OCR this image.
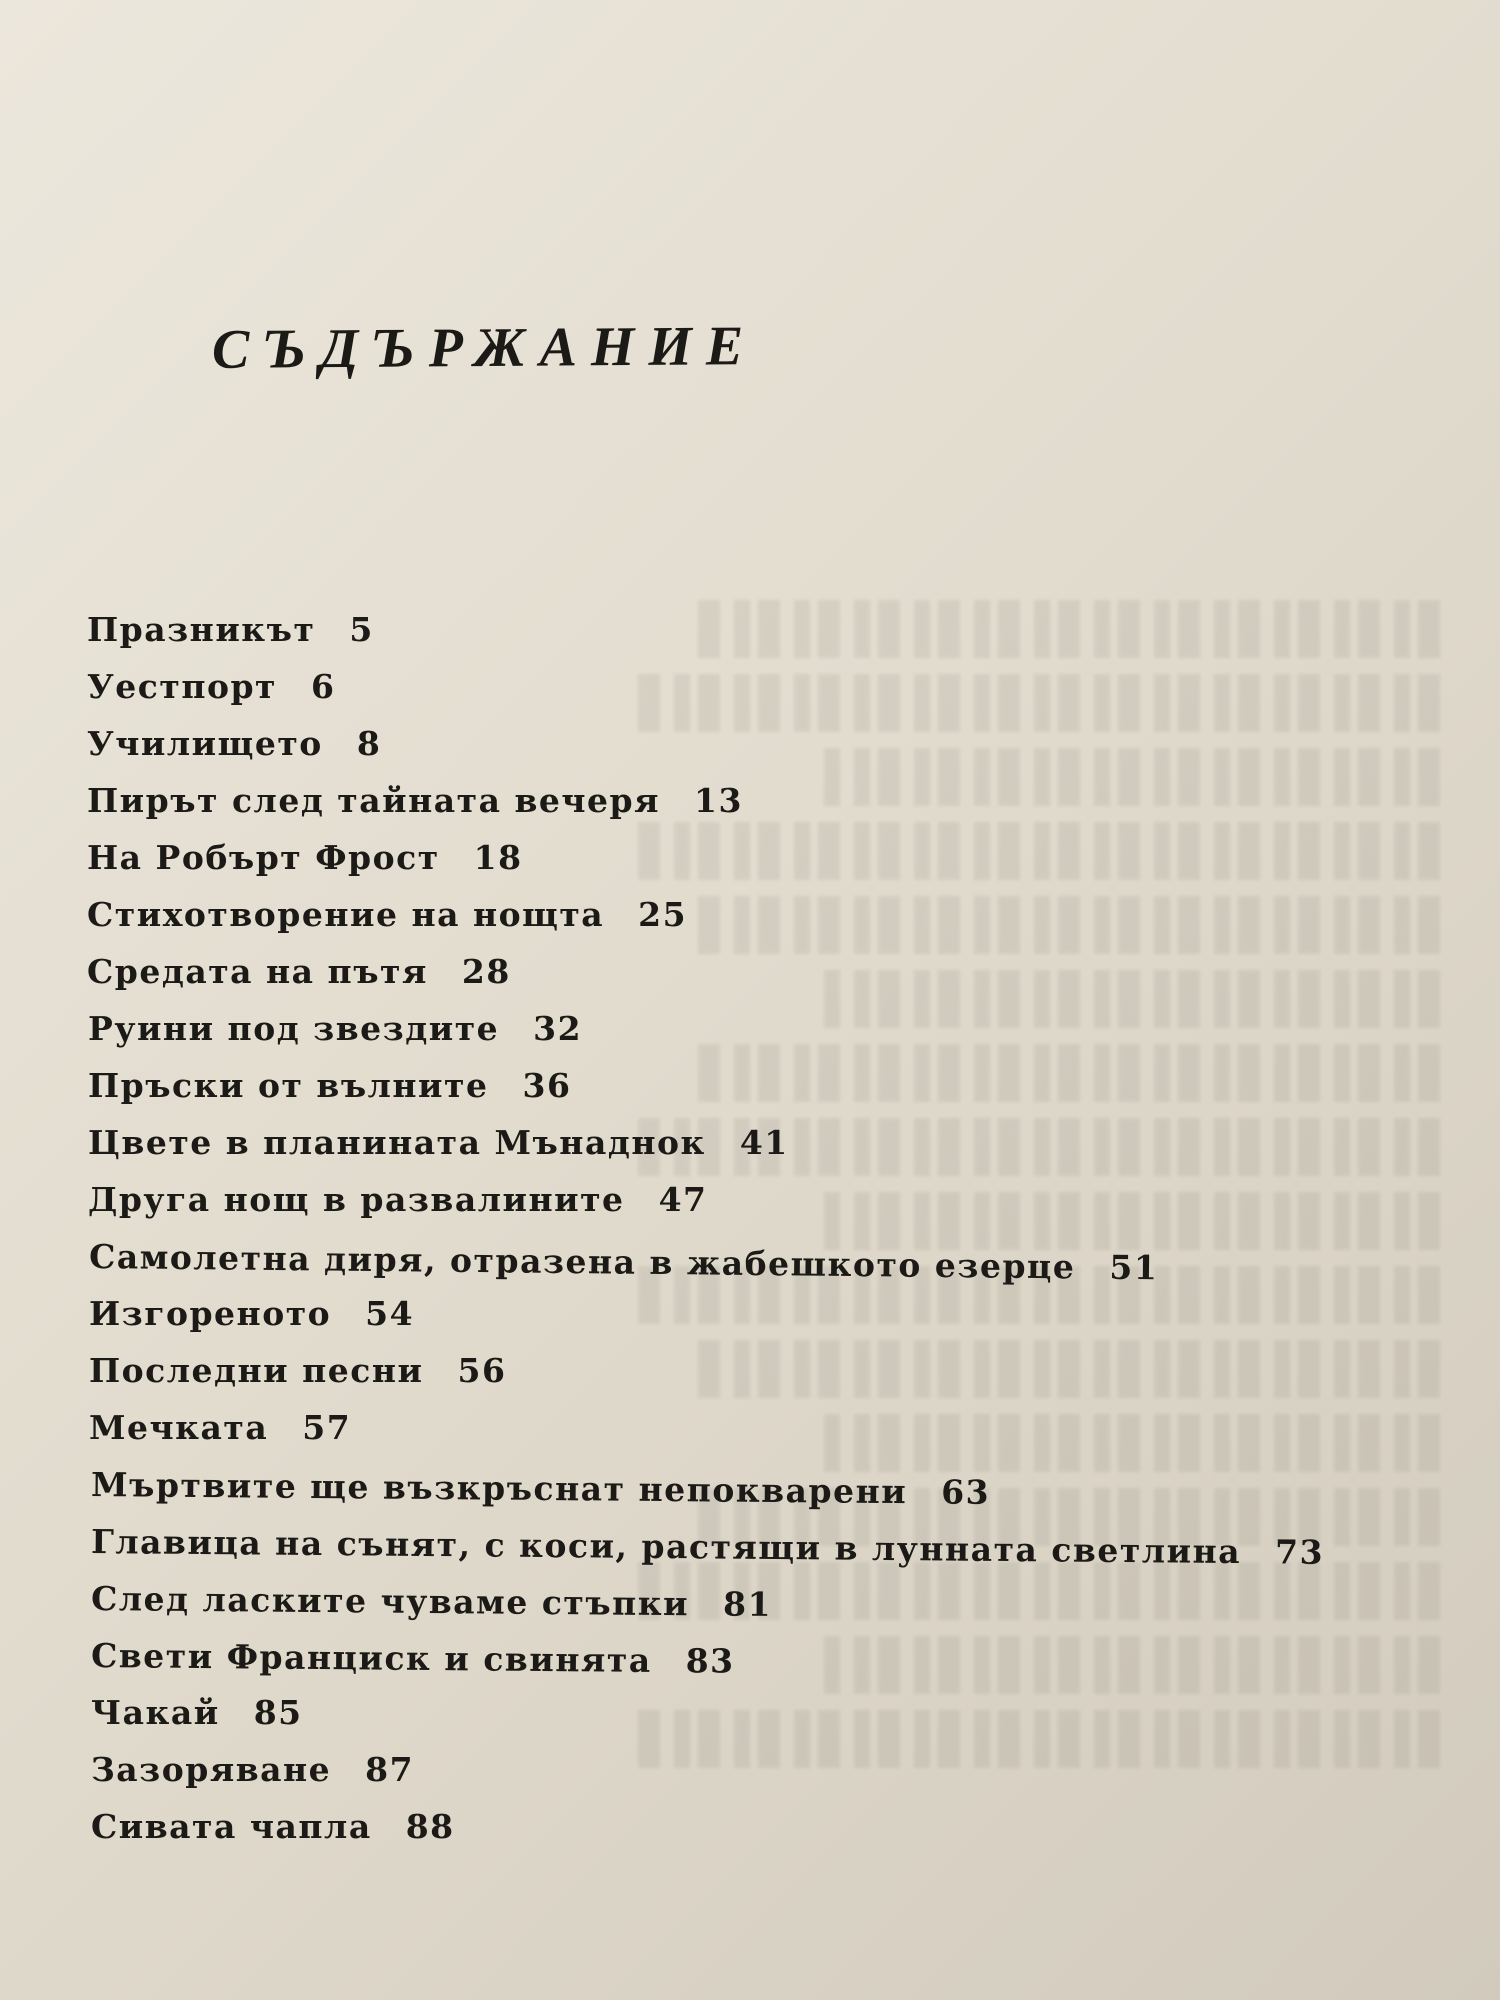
СЪДЪРЖАНИЕ
Празникът 5
Уестпорт 6
Училището 8
Пирът след тайната вечеря 13
На Робърт Фрост 18
Стихотворение на нощта 25
Средата на пътя 28
Руини под звездите 32
Пръски от вълните 36
Цвете в планината Мънаднок 41
Друга нощ в развалините 47
Самолетна диря, отразена в жабешкото езерце 51
Изгореното 54
Последни песни 56
Мечката 57
Мъртвите ще възкръснат непокварени 63
Главица на сънят, с коси, растящи в лунната светлина 73
След ласките чуваме стъпки 81
Свети Франциск и свинята 83
Чакай 85
Зазоряване 87
Сивата чапла 88
